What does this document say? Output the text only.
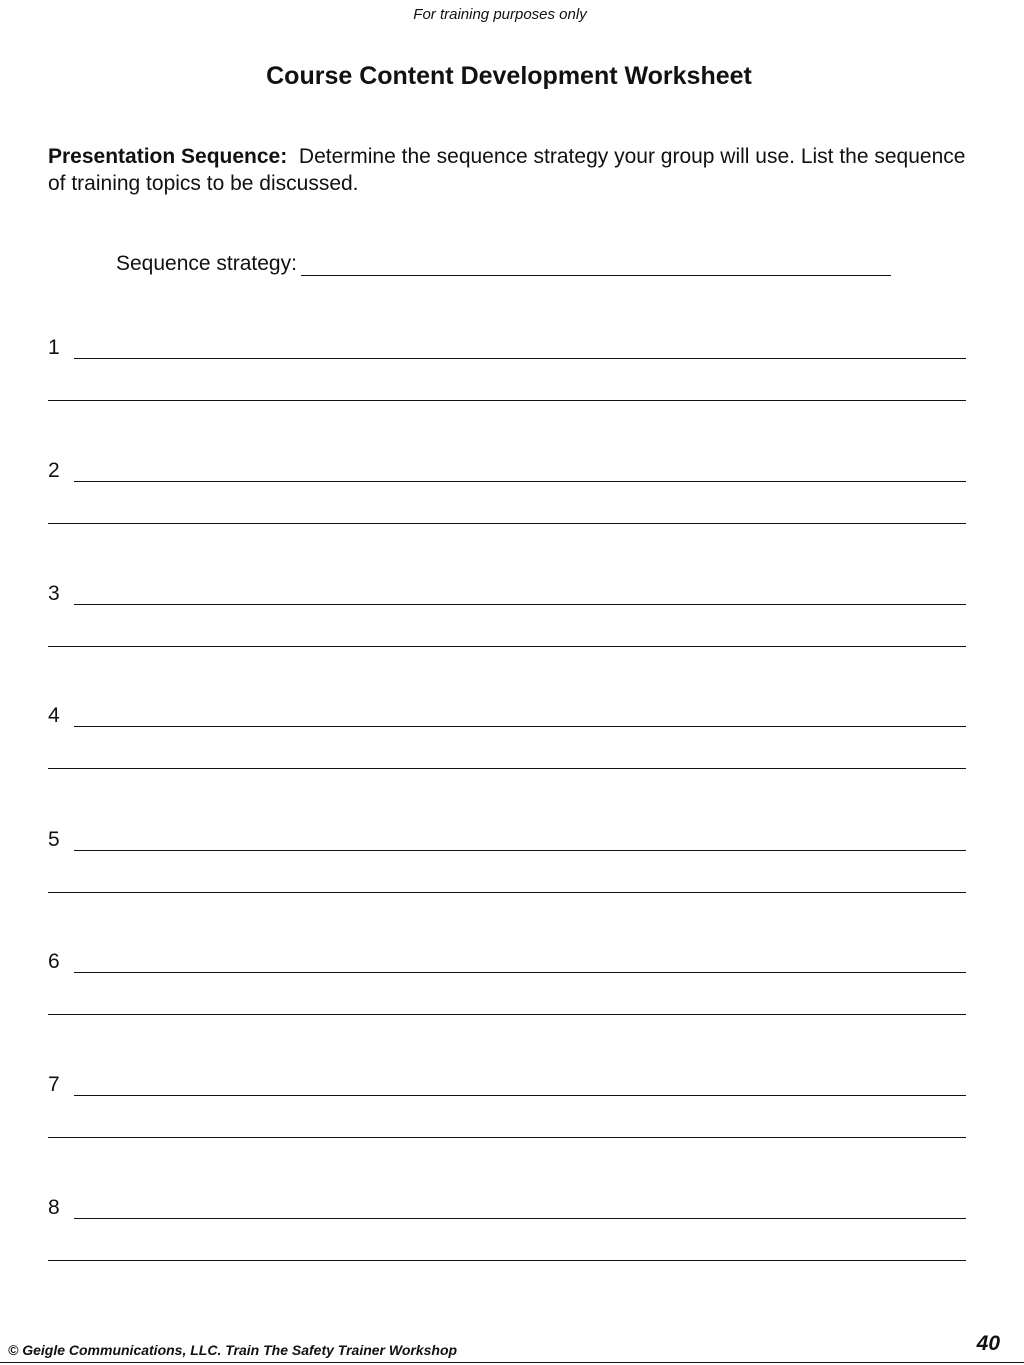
For training purposes only
Course Content Development Worksheet

Presentation Sequence: Determine the sequence strategy your group will use. List the sequence of training topics to be discussed.

Sequence strategy:
1
2
3
4
5
6
7
8
© Geigle Communications, LLC. Train The Safety Trainer Workshop	40
